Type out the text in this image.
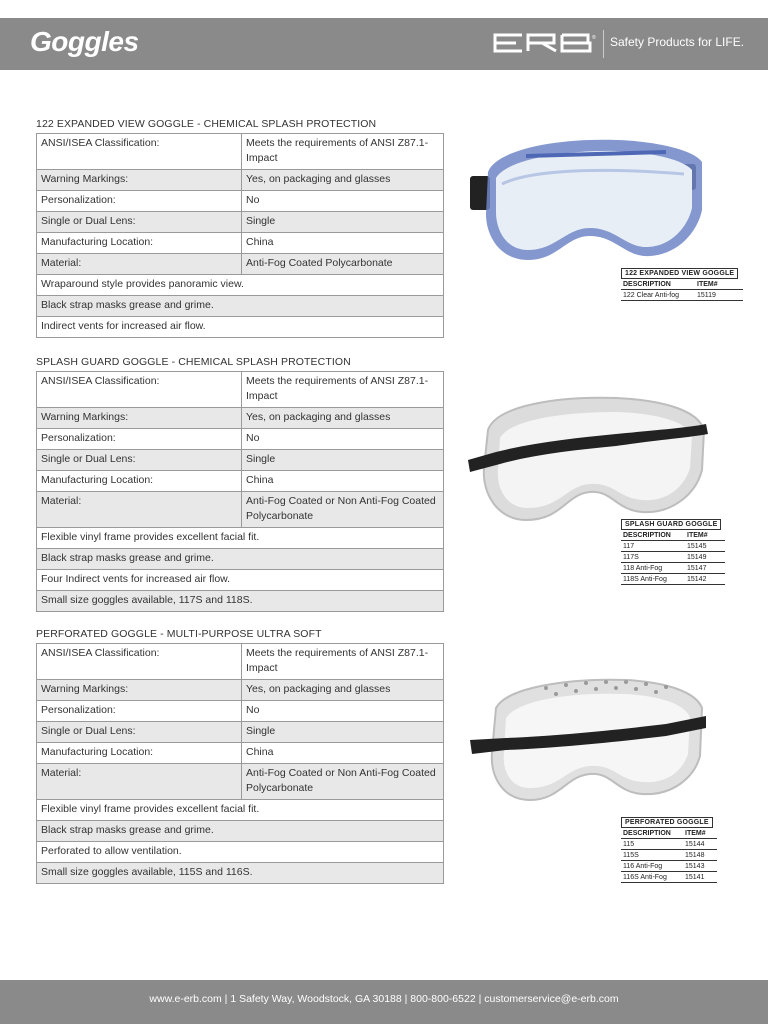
Goggles	® Safety Products for LIFE.
122 EXPANDED VIEW GOGGLE - CHEMICAL SPLASH PROTECTION
ANSI/ISEA Classification:	Meets the requirements of ANSI Z87.1- Impact
Warning Markings:	Yes, on packaging and glasses
Personalization:	No
Single or Dual Lens:	Single
Manufacturing Location:	China
Material:	Anti-Fog Coated Polycarbonate
Wraparound style provides panoramic view.	
Black strap masks grease and grime.	
Indirect vents for increased air flow.	
SPLASH GUARD GOGGLE - CHEMICAL SPLASH PROTECTION
ANSI/ISEA Classification:	Meets the requirements of ANSI Z87.1- Impact
Warning Markings:	Yes, on packaging and glasses
Personalization:	No
Single or Dual Lens:	Single
Manufacturing Location:	China
Material:	Anti-Fog Coated or Non Anti-Fog Coated Polycarbonate
Flexible vinyl frame provides excellent facial fit.	
Black strap masks grease and grime.	
Four Indirect vents for increased air flow.	
Small size goggles available, 117S and 118S.	
PERFORATED GOGGLE - MULTI-PURPOSE ULTRA SOFT
ANSI/ISEA Classification:	Meets the requirements of ANSI Z87.1- Impact
Warning Markings:	Yes, on packaging and glasses
Personalization:	No
Single or Dual Lens:	Single
Manufacturing Location:	China
Material:	Anti-Fog Coated or Non Anti-Fog Coated Polycarbonate
Flexible vinyl frame provides excellent facial fit.	
Black strap masks grease and grime.	
Perforated to allow ventilation.	
Small size goggles available, 115S and 116S.	
122 EXPANDED VIEW GOGGLE
DESCRIPTION	ITEM#
122 Clear Anti-fog	15119
SPLASH GUARD GOGGLE
DESCRIPTION	ITEM#
117	15145
117S	15149
118 Anti-Fog	15147
118S Anti-Fog	15142
PERFORATED GOGGLE
DESCRIPTION	ITEM#
115	15144
115S	15148
116 Anti-Fog	15143
116S Anti-Fog	15141
www.e-erb.com | 1 Safety Way, Woodstock, GA 30188 | 800-800-6522 | customerservice@e-erb.com
